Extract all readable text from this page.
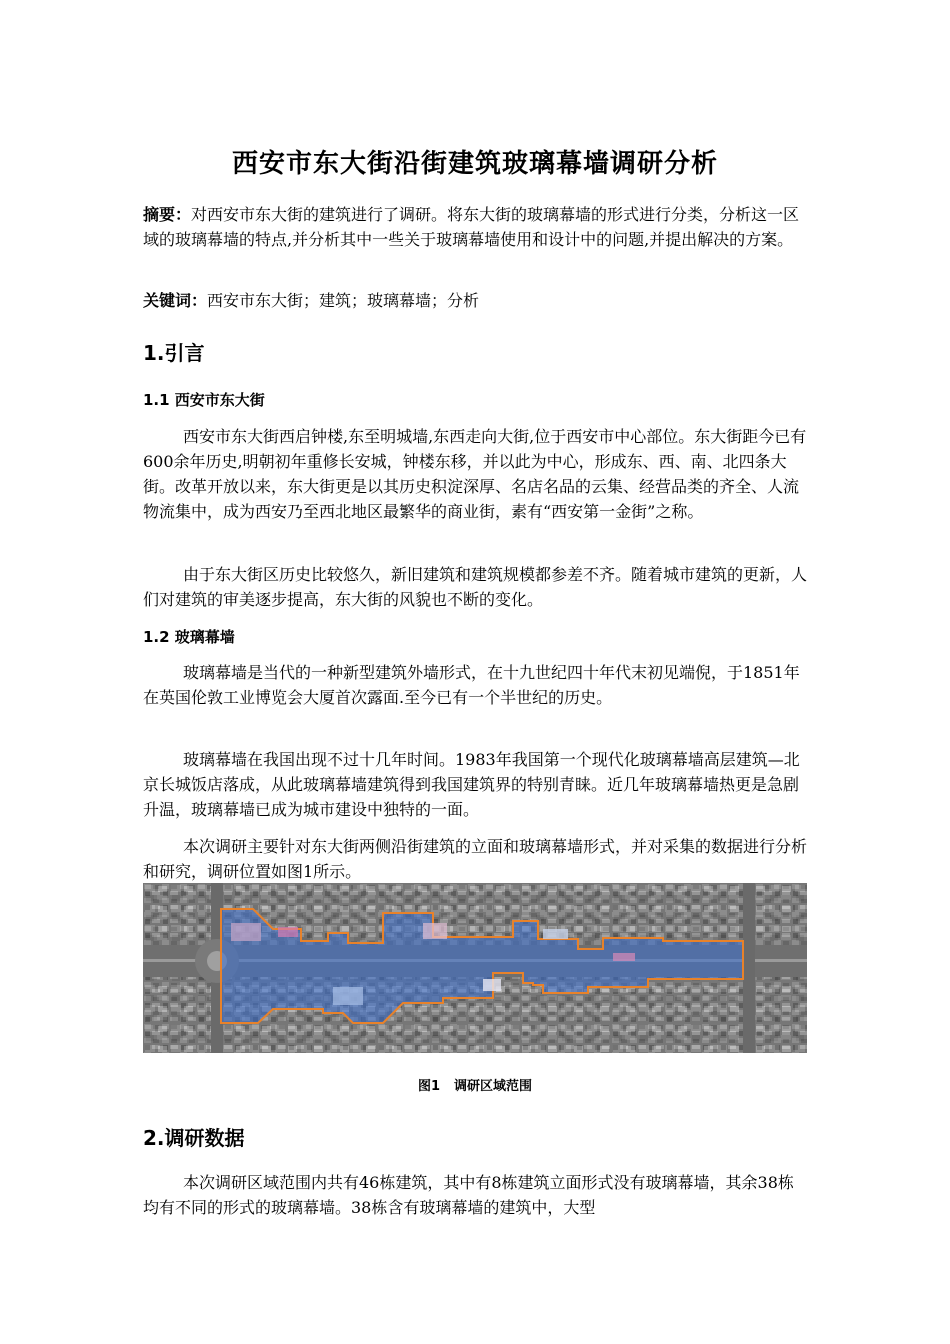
西安市东大街沿街建筑玻璃幕墙调研分析

摘要：对西安市东大街的建筑进行了调研。将东大街的玻璃幕墙的形式进行分类，分析这一区域的玻璃幕墙的特点,并分析其中一些关于玻璃幕墙使用和设计中的问题,并提出解决的方案。

关键词：西安市东大街；建筑；玻璃幕墙；分析

1.引言
1.1 西安市东大街

西安市东大街西启钟楼,东至明城墙,东西走向大街,位于西安市中心部位。东大街距今已有600余年历史,明朝初年重修长安城，钟楼东移，并以此为中心，形成东、西、南、北四条大街。改革开放以来，东大街更是以其历史积淀深厚、名店名品的云集、经营品类的齐全、人流物流集中，成为西安乃至西北地区最繁华的商业街，素有“西安第一金街”之称。

由于东大街区历史比较悠久，新旧建筑和建筑规模都参差不齐。随着城市建筑的更新，人们对建筑的审美逐步提高，东大街的风貌也不断的变化。

1.2 玻璃幕墙

玻璃幕墙是当代的一种新型建筑外墙形式，在十九世纪四十年代末初见端倪，于1851年在英国伦敦工业博览会大厦首次露面.至今已有一个半世纪的历史。

玻璃幕墙在我国出现不过十几年时间。1983年我国第一个现代化玻璃幕墙高层建筑—北京长城饭店落成，从此玻璃幕墙建筑得到我国建筑界的特别青睐。近几年玻璃幕墙热更是急剧升温，玻璃幕墙已成为城市建设中独特的一面。

本次调研主要针对东大街两侧沿街建筑的立面和玻璃幕墙形式，并对采集的数据进行分析和研究，调研位置如图1所示。

图1 调研区域范围
2.调研数据

本次调研区域范围内共有46栋建筑，其中有8栋建筑立面形式没有玻璃幕墙，其余38栋均有不同的形式的玻璃幕墙。38栋含有玻璃幕墙的建筑中，大型
